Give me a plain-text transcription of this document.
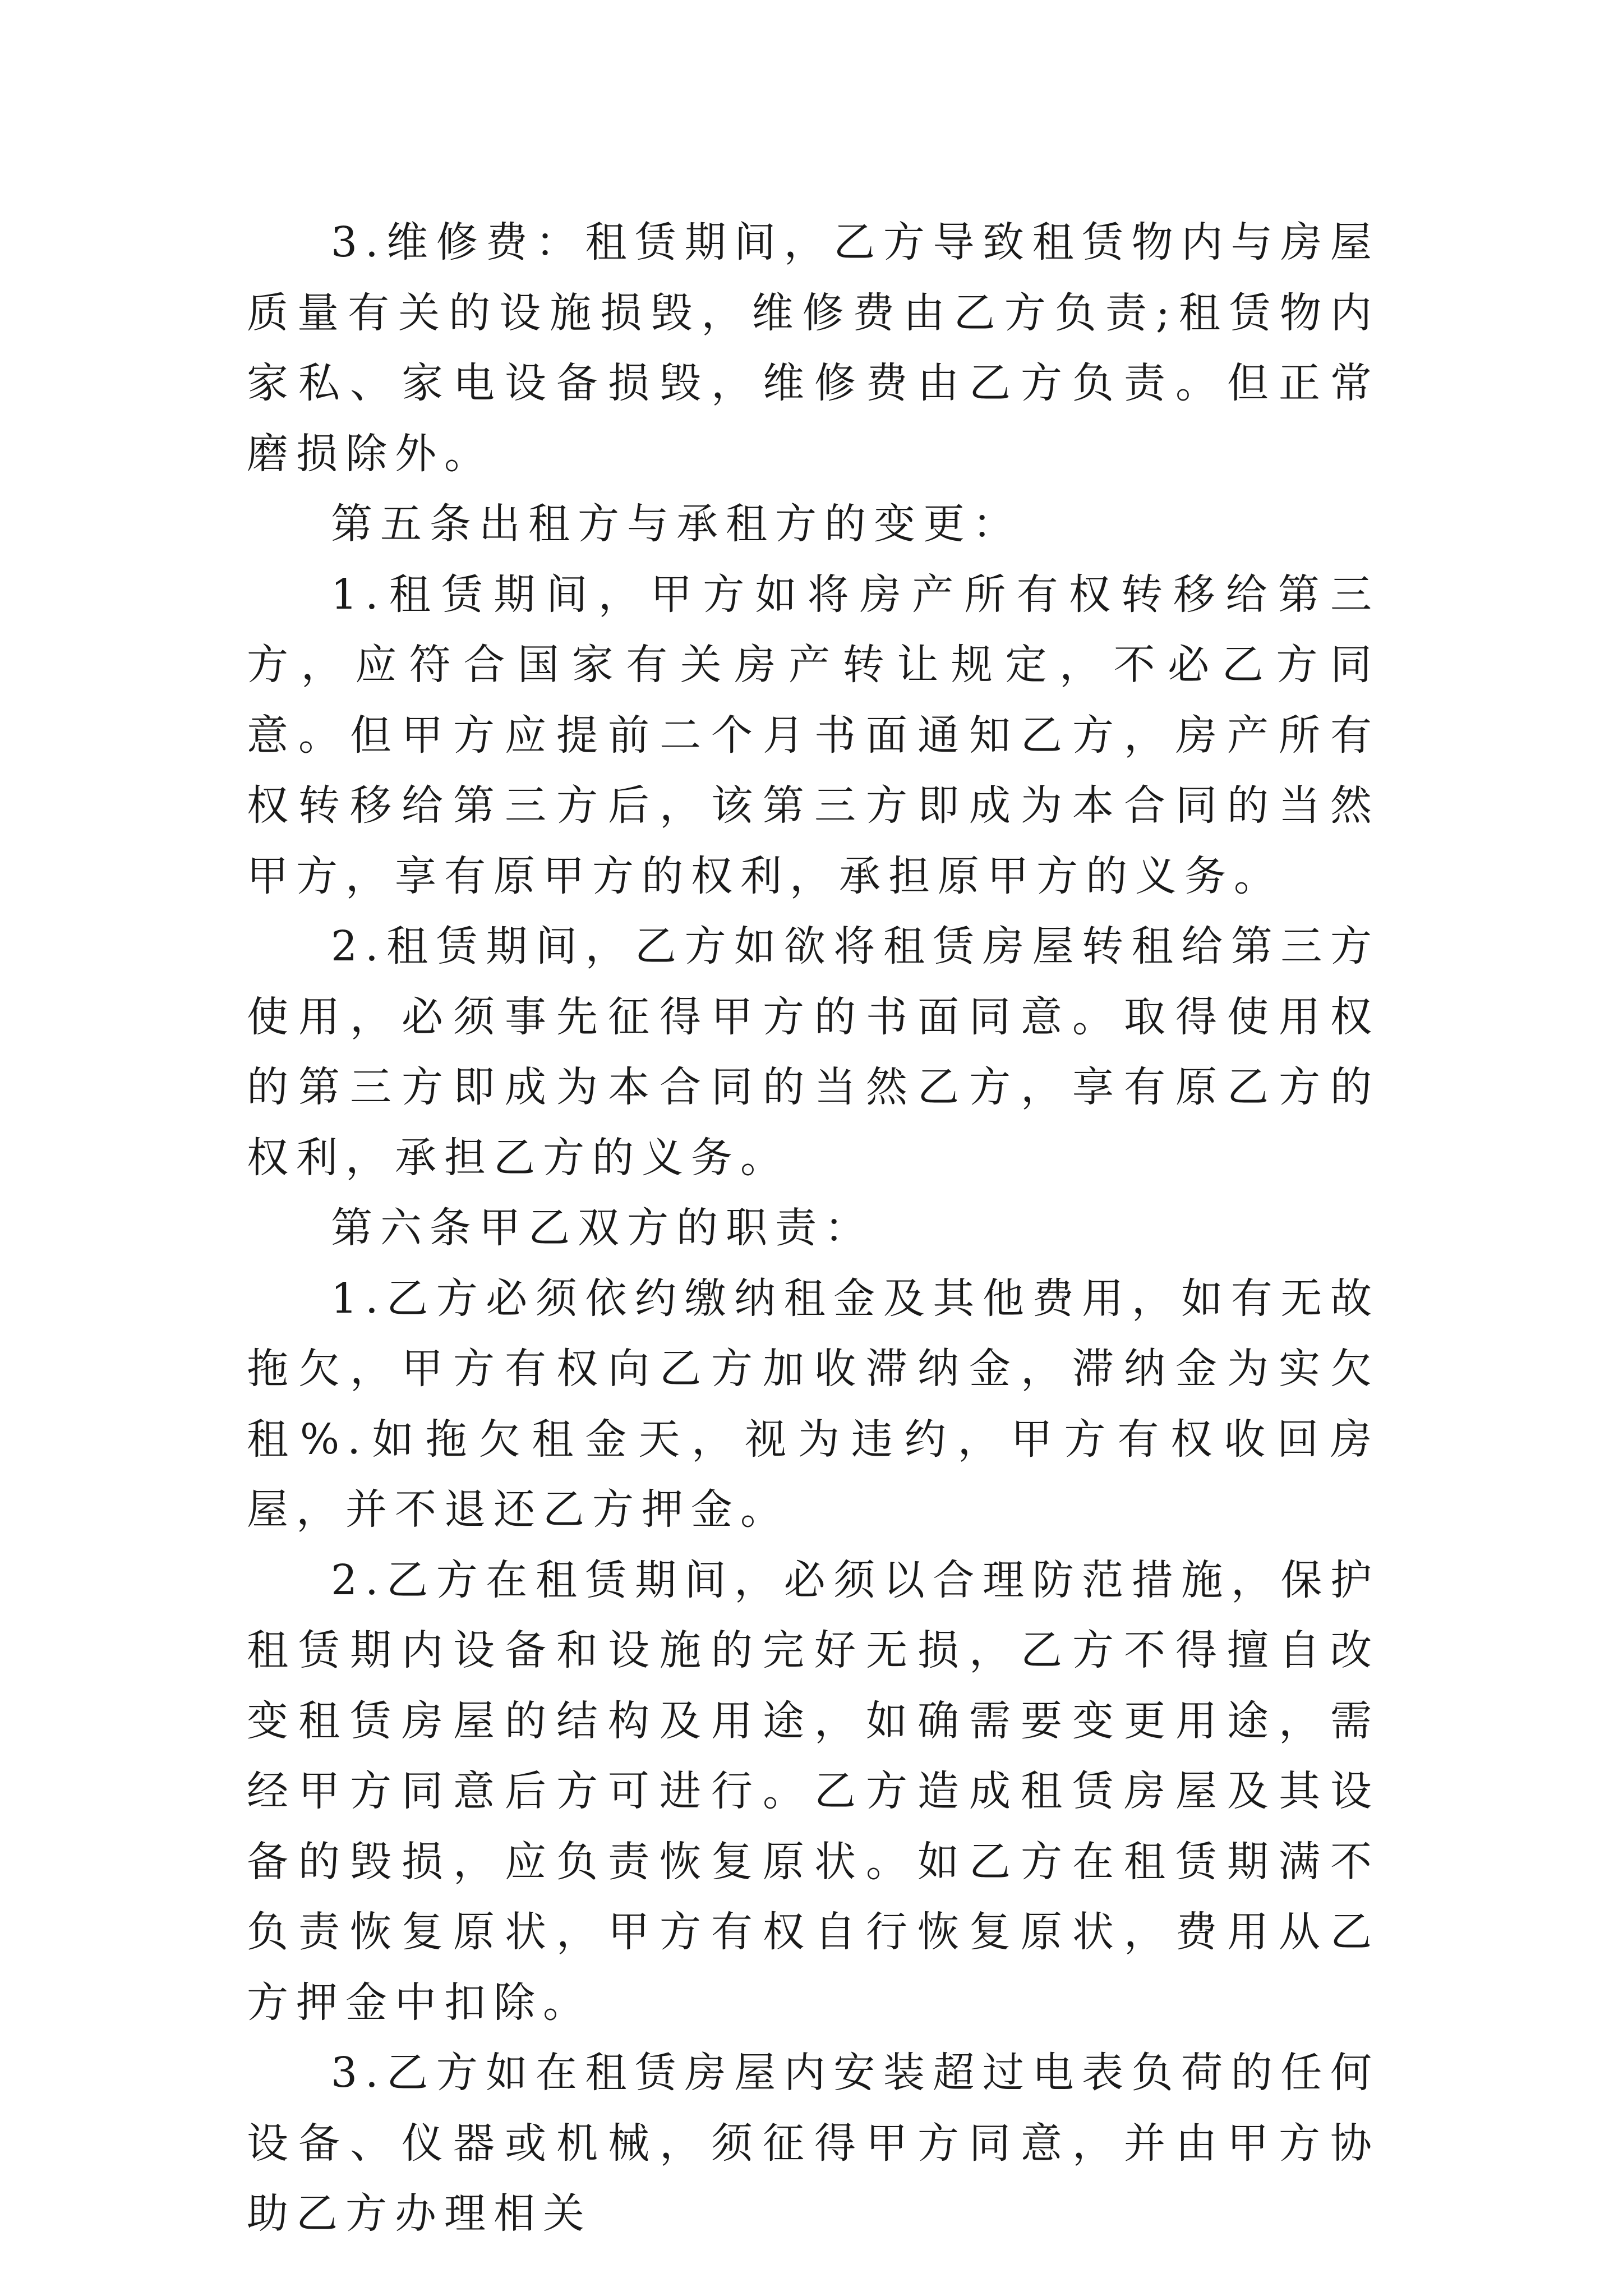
3.维修费：租赁期间，乙方导致租赁物内与房屋质量有关的设施损毁，维修费由乙方负责;租赁物内家私、家电设备损毁，维修费由乙方负责。但正常磨损除外。

第五条出租方与承租方的变更：

1.租赁期间，甲方如将房产所有权转移给第三方，应符合国家有关房产转让规定，不必乙方同意。但甲方应提前二个月书面通知乙方，房产所有权转移给第三方后，该第三方即成为本合同的当然甲方，享有原甲方的权利，承担原甲方的义务。

2.租赁期间，乙方如欲将租赁房屋转租给第三方使用，必须事先征得甲方的书面同意。取得使用权的第三方即成为本合同的当然乙方，享有原乙方的权利，承担乙方的义务。

第六条甲乙双方的职责：

1.乙方必须依约缴纳租金及其他费用，如有无故拖欠，甲方有权向乙方加收滞纳金，滞纳金为实欠租%.如拖欠租金天，视为违约，甲方有权收回房屋，并不退还乙方押金。

2.乙方在租赁期间，必须以合理防范措施，保护租赁期内设备和设施的完好无损，乙方不得擅自改变租赁房屋的结构及用途，如确需要变更用途，需经甲方同意后方可进行。乙方造成租赁房屋及其设备的毁损，应负责恢复原状。如乙方在租赁期满不负责恢复原状，甲方有权自行恢复原状，费用从乙方押金中扣除。

3.乙方如在租赁房屋内安装超过电表负荷的任何设备、仪器或机械，须征得甲方同意，并由甲方协助乙方办理相关
